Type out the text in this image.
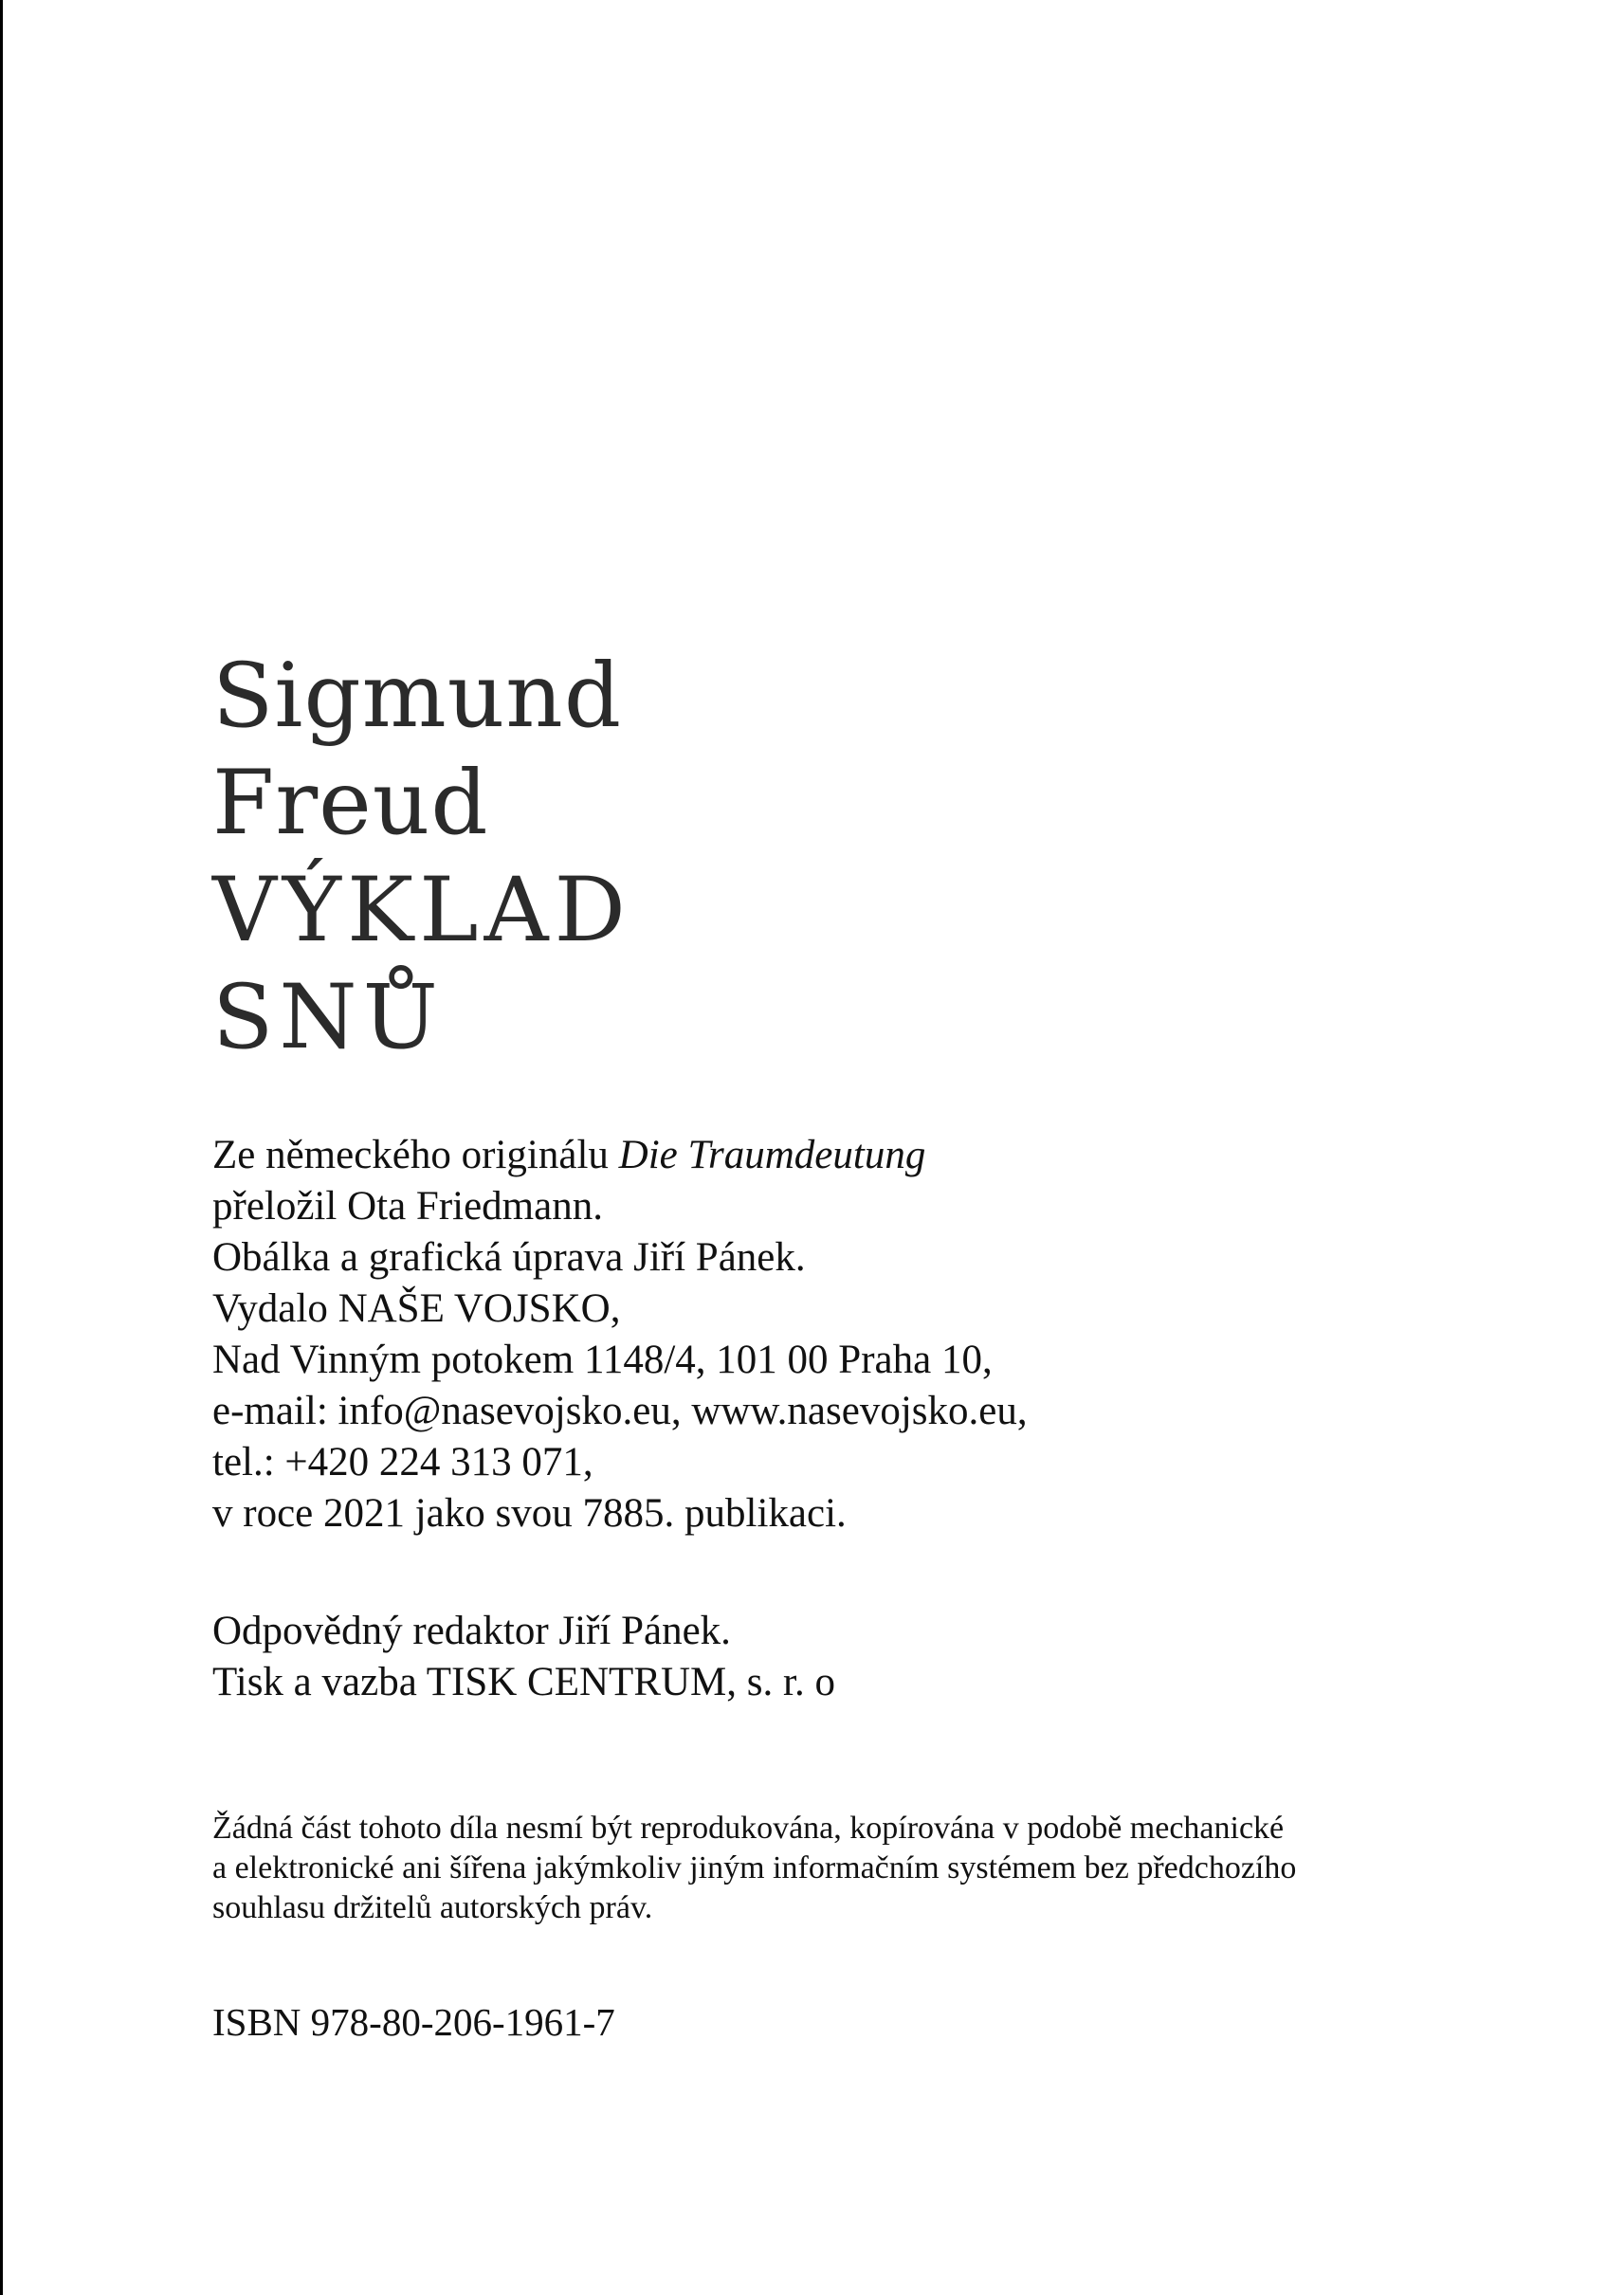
Sigmund
Freud
VÝKLAD
SNŮ
Ze německého originálu Die Traumdeutung
přeložil Ota Friedmann.
Obálka a grafická úprava Jiří Pánek.
Vydalo NAŠE VOJSKO,
Nad Vinným potokem 1148/4, 101 00 Praha 10,
e-mail: info@nasevojsko.eu, www.nasevojsko.eu,
tel.: +420 224 313 071,
v roce 2021 jako svou 7885. publikaci.
Odpovědný redaktor Jiří Pánek.
Tisk a vazba TISK CENTRUM, s. r. o
Žádná část tohoto díla nesmí být reprodukována, kopírována v podobě mechanické
a elektronické ani šířena jakýmkoliv jiným informačním systémem bez předchozího
souhlasu držitelů autorských práv.
ISBN 978-80-206-1961-7
